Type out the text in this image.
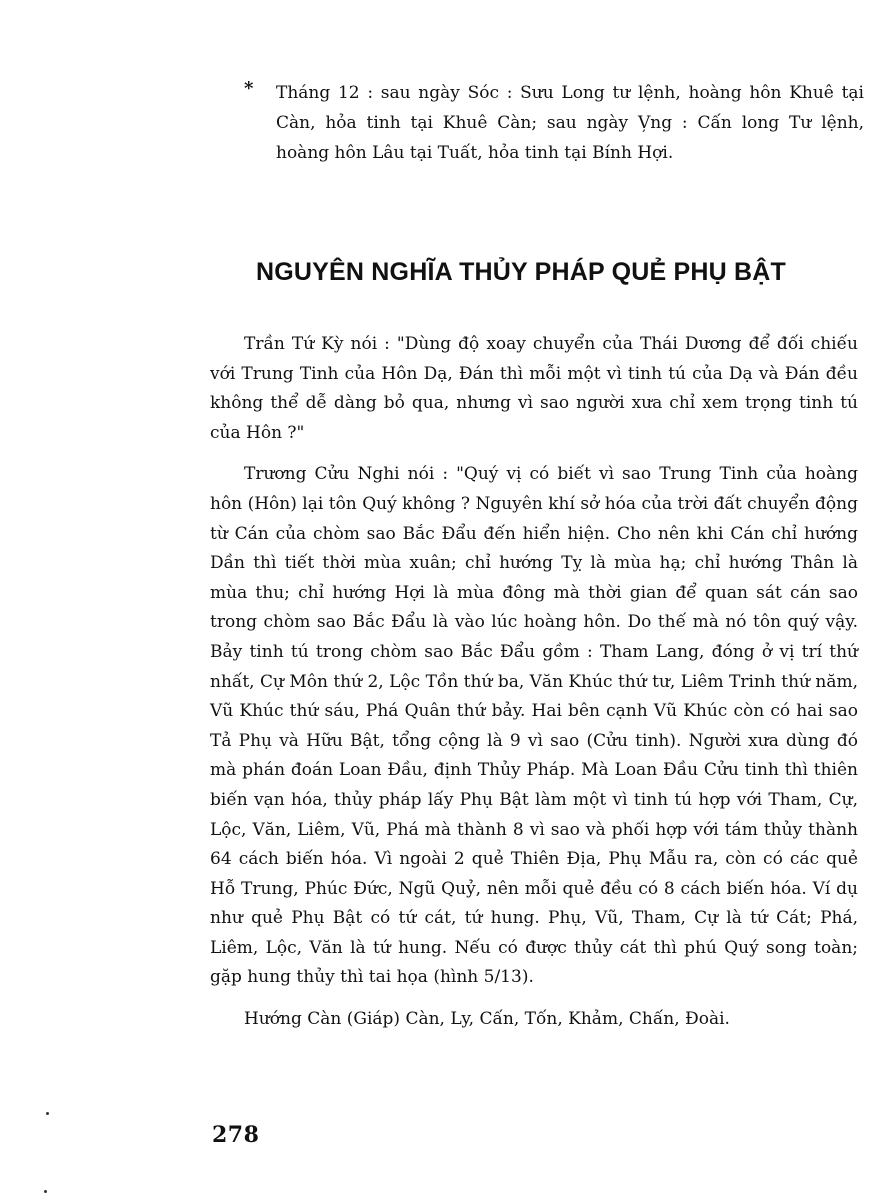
* Tháng 12 : sau ngày Sóc : Sưu Long tư lệnh, hoàng hôn Khuê tại Càn, hỏa tinh tại Khuê Càn; sau ngày V̦ng : Cấn long Tư lệnh, hoàng hôn Lâu tại Tuất, hỏa tinh tại Bính Hợi.

NGUYÊN NGHĨA THỦY PHÁP QUẺ PHỤ BẬT

Trần Tứ Kỳ nói : "Dùng độ xoay chuyển của Thái Dương để đối chiếu với Trung Tinh của Hôn Dạ, Đán thì mỗi một vì tinh tú của Dạ và Đán đều không thể dễ dàng bỏ qua, nhưng vì sao người xưa chỉ xem trọng tinh tú của Hôn ?"

Trương Cửu Nghi nói : "Quý vị có biết vì sao Trung Tinh của hoàng hôn (Hôn) lại tôn Quý không ? Nguyên khí sở hóa của trời đất chuyển động từ Cán của chòm sao Bắc Đẩu đến hiển hiện. Cho nên khi Cán chỉ hướng Dần thì tiết thời mùa xuân; chỉ hướng Tỵ là mùa hạ; chỉ hướng Thân là mùa thu; chỉ hướng Hợi là mùa đông mà thời gian để quan sát cán sao trong chòm sao Bắc Đẩu là vào lúc hoàng hôn. Do thế mà nó tôn quý vậy. Bảy tinh tú trong chòm sao Bắc Đẩu gồm : Tham Lang, đóng ở vị trí thứ nhất, Cự Môn thứ 2, Lộc Tồn thứ ba, Văn Khúc thứ tư, Liêm Trinh thứ năm, Vũ Khúc thứ sáu, Phá Quân thứ bảy. Hai bên cạnh Vũ Khúc còn có hai sao Tả Phụ và Hữu Bật, tổng cộng là 9 vì sao (Cửu tinh). Người xưa dùng đó mà phán đoán Loan Đầu, định Thủy Pháp. Mà Loan Đầu Cửu tinh thì thiên biến vạn hóa, thủy pháp lấy Phụ Bật làm một vì tinh tú hợp với Tham, Cự, Lộc, Văn, Liêm, Vũ, Phá mà thành 8 vì sao và phối hợp với tám thủy thành 64 cách biến hóa. Vì ngoài 2 quẻ Thiên Địa, Phụ Mẫu ra, còn có các quẻ Hỗ Trung, Phúc Đức, Ngũ Quỷ, nên mỗi quẻ đều có 8 cách biến hóa. Ví dụ như quẻ Phụ Bật có tứ cát, tứ hung. Phụ, Vũ, Tham, Cự là tứ Cát; Phá, Liêm, Lộc, Văn là tứ hung. Nếu có được thủy cát thì phú Quý song toàn; gặp hung thủy thì tai họa (hình 5/13).

Hướng Càn (Giáp) Càn, Ly, Cấn, Tốn, Khảm, Chấn, Đoài.

278
